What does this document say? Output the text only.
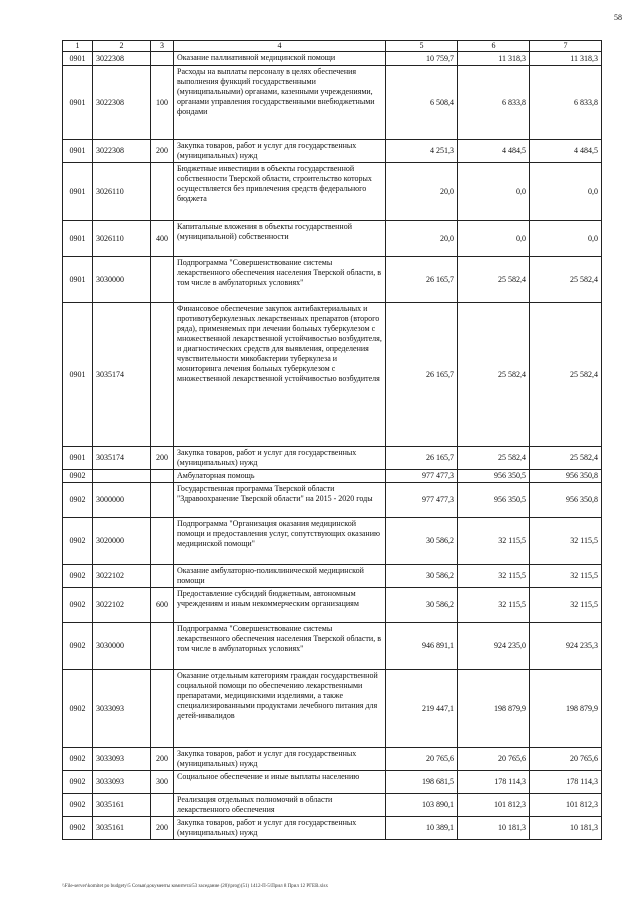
58
1	2	3	4	5	6	7
0901	3022308		Оказание паллиативной медицинской помощи	10 759,7	11 318,3	11 318,3
0901	3022308	100	Расходы на выплаты персоналу в целях обеспечения выполнения функций государственными (муниципальными) органами, казенными учреждениями, органами управления государственными внебюджетными фондами	6 508,4	6 833,8	6 833,8
0901	3022308	200	Закупка товаров, работ и услуг для государственных (муниципальных) нужд	4 251,3	4 484,5	4 484,5
0901	3026110		Бюджетные инвестиции в объекты государственной собственности Тверской области, строительство которых осуществляется без привлечения средств федерального бюджета	20,0	0,0	0,0
0901	3026110	400	Капитальные вложения в объекты государственной (муниципальной) собственности	20,0	0,0	0,0
0901	3030000		Подпрограмма "Совершенствование системы лекарственного обеспечения населения Тверской области, в том числе в амбулаторных условиях"	26 165,7	25 582,4	25 582,4
0901	3035174		Финансовое обеспечение закупок антибактериальных и противотуберкулезных лекарственных препаратов (второго ряда), применяемых при лечении больных туберкулезом с множественной лекарственной устойчивостью возбудителя, и диагностических средств для выявления, определения чувствительности микобактерии туберкулеза и мониторинга лечения больных туберкулезом с множественной лекарственной устойчивостью возбудителя	26 165,7	25 582,4	25 582,4
0901	3035174	200	Закупка товаров, работ и услуг для государственных (муниципальных) нужд	26 165,7	25 582,4	25 582,4
0902			Амбулаторная помощь	977 477,3	956 350,5	956 350,8
0902	3000000		Государственная программа Тверской области "Здравоохранение Тверской области" на 2015 - 2020 годы	977 477,3	956 350,5	956 350,8
0902	3020000		Подпрограмма "Организация оказания медицинской помощи и предоставления услуг, сопутствующих оказанию медицинской помощи"	30 586,2	32 115,5	32 115,5
0902	3022102		Оказание амбулаторно-поликлинической медицинской помощи	30 586,2	32 115,5	32 115,5
0902	3022102	600	Предоставление субсидий бюджетным, автономным учреждениям и иным некоммерческим организациям	30 586,2	32 115,5	32 115,5
0902	3030000		Подпрограмма "Совершенствование системы лекарственного обеспечения населения Тверской области, в том числе в амбулаторных условиях"	946 891,1	924 235,0	924 235,3
0902	3033093		Оказание отдельным категориям граждан государственной социальной помощи по обеспечению лекарственными препаратами, медицинскими изделиями, а также специализированными продуктами лечебного питания для детей-инвалидов	219 447,1	198 879,9	198 879,9
0902	3033093	200	Закупка товаров, работ и услуг для государственных (муниципальных) нужд	20 765,6	20 765,6	20 765,6
0902	3033093	300	Социальное обеспечение и иные выплаты населению	198 681,5	178 114,3	178 114,3
0902	3035161		Реализация отдельных полномочий в области лекарственного обеспечения	103 890,1	101 812,3	101 812,3
0902	3035161	200	Закупка товаров, работ и услуг для государственных (муниципальных) нужд	10 389,1	10 181,3	10 181,3
\\File-server\komitet po budgety\5 Созыв\документы комитета\53 заседание (20)\prog\(51) 1412-П-5\Прил 8 Прил 12 РГЕВ.xlsx
